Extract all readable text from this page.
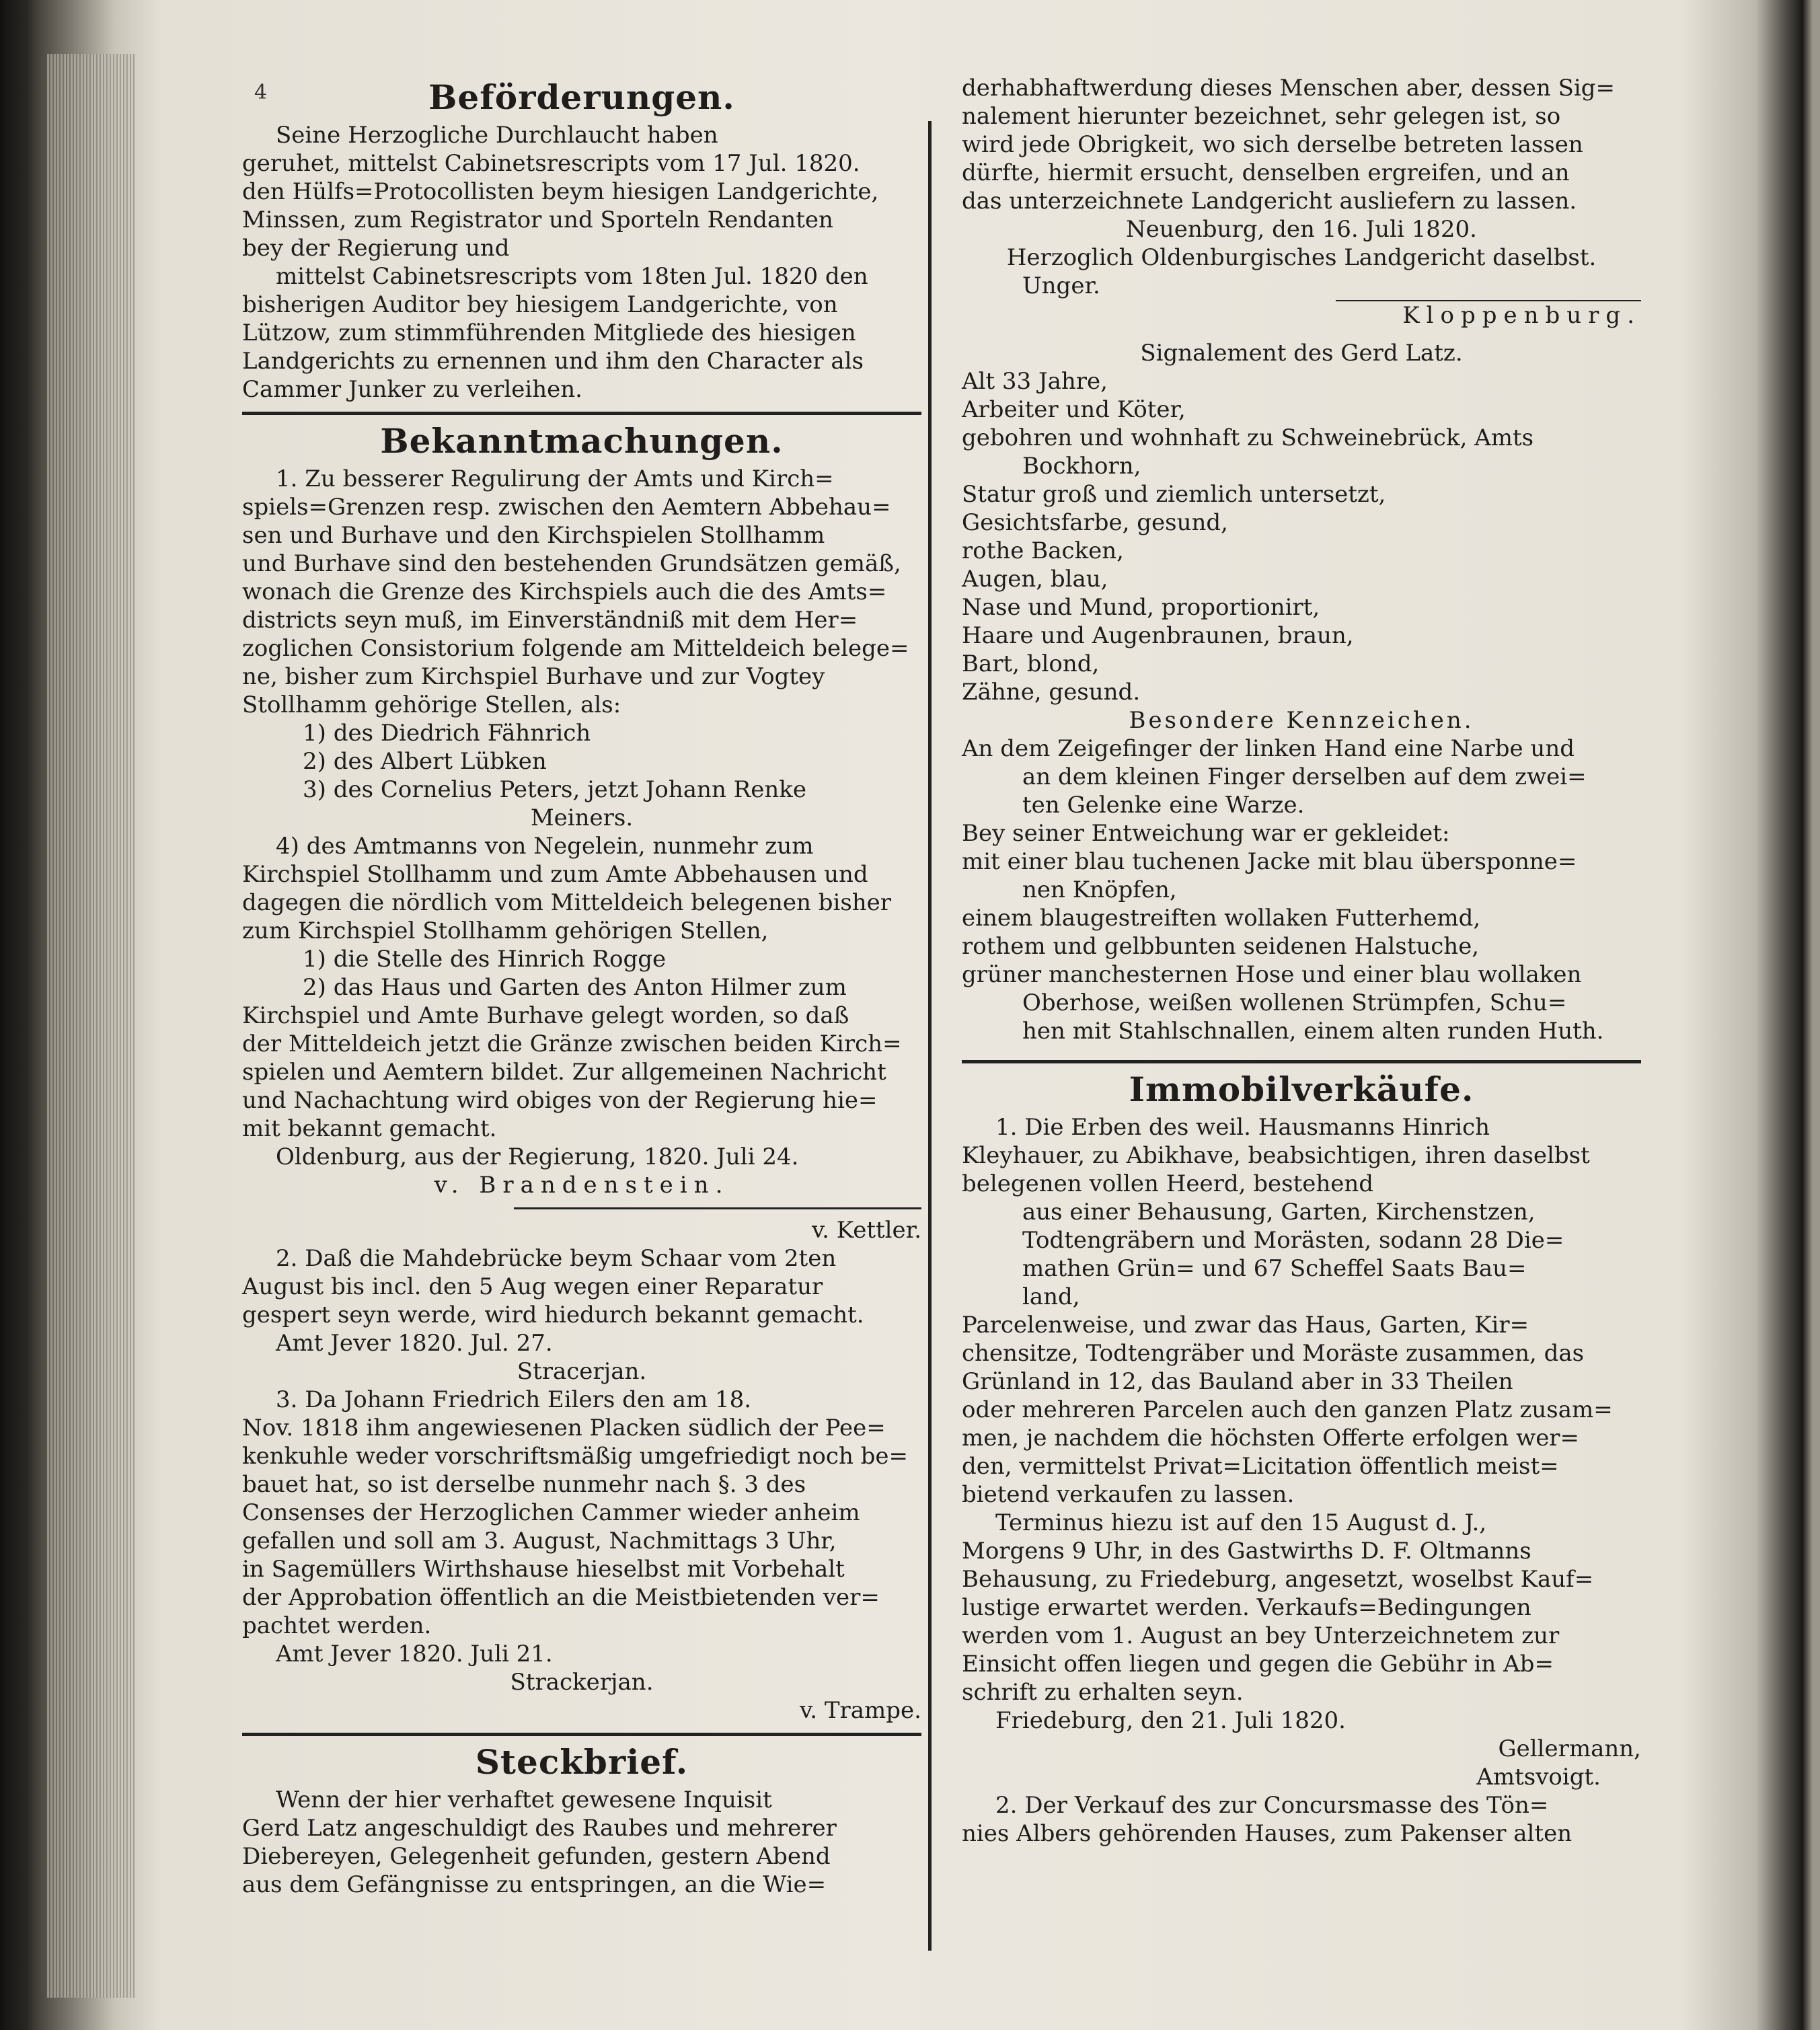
4	Beförderungen.

Seine Herzogliche Durchlaucht haben

geruhet, mittelst Cabinetsrescripts vom 17 Jul. 1820.

den Hülfs=Protocollisten beym hiesigen Landgerichte,

Minssen, zum Registrator und Sporteln Rendanten

bey der Regierung und

mittelst Cabinetsrescripts vom 18ten Jul. 1820 den

bisherigen Auditor bey hiesigem Landgerichte, von

Lützow, zum stimmführenden Mitgliede des hiesigen

Landgerichts zu ernennen und ihm den Character als

Cammer Junker zu verleihen.

Bekanntmachungen.

1. Zu besserer Regulirung der Amts und Kirch=

spiels=Grenzen resp. zwischen den Aemtern Abbehau=

sen und Burhave und den Kirchspielen Stollhamm

und Burhave sind den bestehenden Grundsätzen gemäß,

wonach die Grenze des Kirchspiels auch die des Amts=

districts seyn muß, im Einverständniß mit dem Her=

zoglichen Consistorium folgende am Mitteldeich belege=

ne, bisher zum Kirchspiel Burhave und zur Vogtey

Stollhamm gehörige Stellen, als:

1) des Diedrich Fähnrich

2) des Albert Lübken

3) des Cornelius Peters, jetzt Johann Renke

Meiners.

4) des Amtmanns von Negelein, nunmehr zum

Kirchspiel Stollhamm und zum Amte Abbehausen und

dagegen die nördlich vom Mitteldeich belegenen bisher

zum Kirchspiel Stollhamm gehörigen Stellen,

1) die Stelle des Hinrich Rogge

2) das Haus und Garten des Anton Hilmer zum

Kirchspiel und Amte Burhave gelegt worden, so daß

der Mitteldeich jetzt die Gränze zwischen beiden Kirch=

spielen und Aemtern bildet. Zur allgemeinen Nachricht

und Nachachtung wird obiges von der Regierung hie=

mit bekannt gemacht.

Oldenburg, aus der Regierung, 1820. Juli 24.

v. Brandenstein.

v. Kettler.

2. Daß die Mahdebrücke beym Schaar vom 2ten

August bis incl. den 5 Aug wegen einer Reparatur

gespert seyn werde, wird hiedurch bekannt gemacht.

Amt Jever 1820. Jul. 27.

Stracerjan.

3. Da Johann Friedrich Eilers den am 18.

Nov. 1818 ihm angewiesenen Placken südlich der Pee=

kenkuhle weder vorschriftsmäßig umgefriedigt noch be=

bauet hat, so ist derselbe nunmehr nach §. 3 des

Consenses der Herzoglichen Cammer wieder anheim

gefallen und soll am 3. August, Nachmittags 3 Uhr,

in Sagemüllers Wirthshause hieselbst mit Vorbehalt

der Approbation öffentlich an die Meistbietenden ver=

pachtet werden.

Amt Jever 1820. Juli 21.

Strackerjan.

v. Trampe.

Steckbrief.

Wenn der hier verhaftet gewesene Inquisit

Gerd Latz angeschuldigt des Raubes und mehrerer

Diebereyen, Gelegenheit gefunden, gestern Abend

aus dem Gefängnisse zu entspringen, an die Wie=

derhabhaftwerdung dieses Menschen aber, dessen Sig=

nalement hierunter bezeichnet, sehr gelegen ist, so

wird jede Obrigkeit, wo sich derselbe betreten lassen

dürfte, hiermit ersucht, denselben ergreifen, und an

das unterzeichnete Landgericht ausliefern zu lassen.

Neuenburg, den 16. Juli 1820.

Herzoglich Oldenburgisches Landgericht daselbst.

Unger.

Kloppenburg.

Signalement des Gerd Latz.

Alt 33 Jahre,

Arbeiter und Köter,

gebohren und wohnhaft zu Schweinebrück, Amts

Bockhorn,

Statur groß und ziemlich untersetzt,

Gesichtsfarbe, gesund,

rothe Backen,

Augen, blau,

Nase und Mund, proportionirt,

Haare und Augenbraunen, braun,

Bart, blond,

Zähne, gesund.

Besondere Kennzeichen.

An dem Zeigefinger der linken Hand eine Narbe und

an dem kleinen Finger derselben auf dem zwei=

ten Gelenke eine Warze.

Bey seiner Entweichung war er gekleidet:

mit einer blau tuchenen Jacke mit blau übersponne=

nen Knöpfen,

einem blaugestreiften wollaken Futterhemd,

rothem und gelbbunten seidenen Halstuche,

grüner manchesternen Hose und einer blau wollaken

Oberhose, weißen wollenen Strümpfen, Schu=

hen mit Stahlschnallen, einem alten runden Huth.

Immobilverkäufe.

1. Die Erben des weil. Hausmanns Hinrich

Kleyhauer, zu Abikhave, beabsichtigen, ihren daselbst

belegenen vollen Heerd, bestehend

aus einer Behausung, Garten, Kirchenstzen,

Todtengräbern und Morästen, sodann 28 Die=

mathen Grün= und 67 Scheffel Saats Bau=

land,

Parcelenweise, und zwar das Haus, Garten, Kir=

chensitze, Todtengräber und Moräste zusammen, das

Grünland in 12, das Bauland aber in 33 Theilen

oder mehreren Parcelen auch den ganzen Platz zusam=

men, je nachdem die höchsten Offerte erfolgen wer=

den, vermittelst Privat=Licitation öffentlich meist=

bietend verkaufen zu lassen.

Terminus hiezu ist auf den 15 August d. J.,

Morgens 9 Uhr, in des Gastwirths D. F. Oltmanns

Behausung, zu Friedeburg, angesetzt, woselbst Kauf=

lustige erwartet werden. Verkaufs=Bedingungen

werden vom 1. August an bey Unterzeichnetem zur

Einsicht offen liegen und gegen die Gebühr in Ab=

schrift zu erhalten seyn.

Friedeburg, den 21. Juli 1820.

Gellermann,

Amtsvoigt.

2. Der Verkauf des zur Concursmasse des Tön=

nies Albers gehörenden Hauses, zum Pakenser alten
